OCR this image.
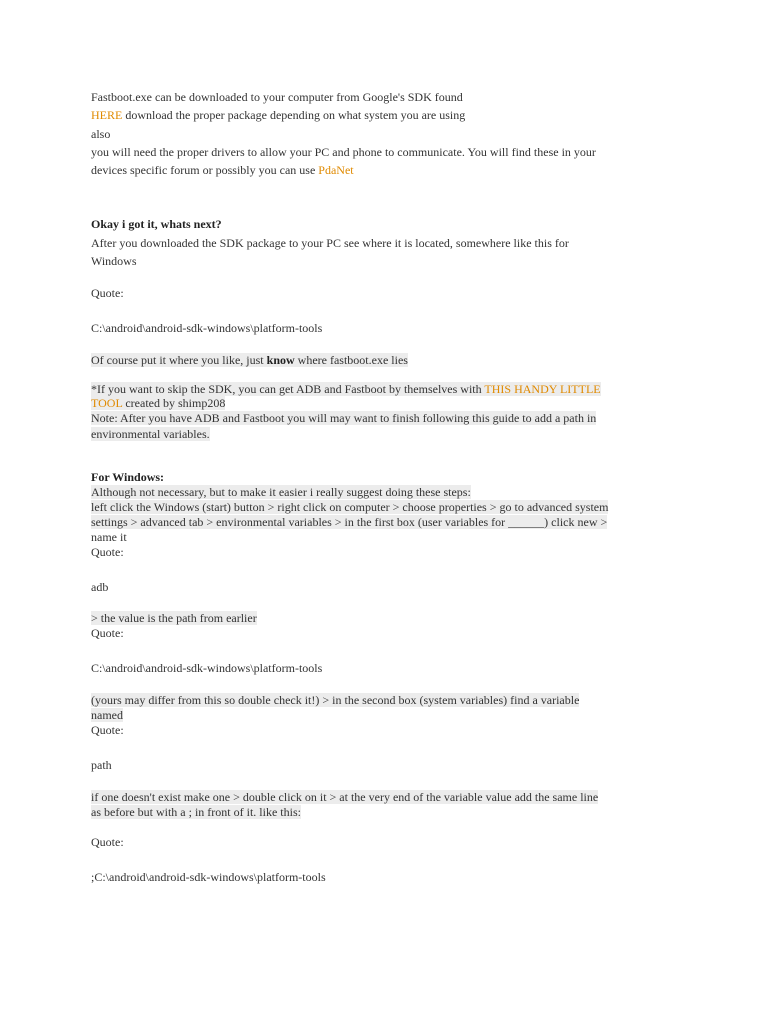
Fastboot.exe can be downloaded to your computer from Google's SDK found

HERE download the proper package depending on what system you are using

also

you will need the proper drivers to allow your PC and phone to communicate. You will find these in your

devices specific forum or possibly you can use PdaNet

Okay i got it, whats next?

After you downloaded the SDK package to your PC see where it is located, somewhere like this for

Windows

Quote:

C:\android\android-sdk-windows\platform-tools

Of course put it where you like, just know where fastboot.exe lies

*If you want to skip the SDK, you can get ADB and Fastboot by themselves with THIS HANDY LITTLE

TOOL created by shimp208

Note: After you have ADB and Fastboot you will may want to finish following this guide to add a path in

environmental variables.

For Windows:

Although not necessary, but to make it easier i really suggest doing these steps:

left click the Windows (start) button > right click on computer > choose properties > go to advanced system

settings > advanced tab > environmental variables > in the first box (user variables for ______) click new >

name it

Quote:

adb

> the value is the path from earlier

Quote:

C:\android\android-sdk-windows\platform-tools

(yours may differ from this so double check it!) > in the second box (system variables) find a variable

named

Quote:

path

if one doesn't exist make one > double click on it > at the very end of the variable value add the same line

as before but with a ; in front of it. like this:

Quote:

;C:\android\android-sdk-windows\platform-tools
